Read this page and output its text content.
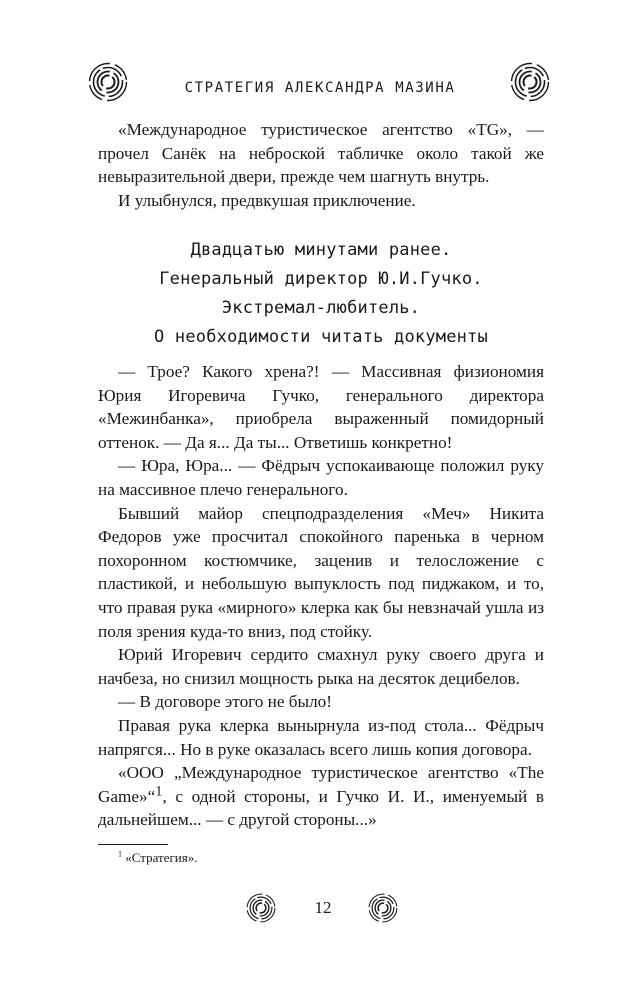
СТРАТЕГИЯ АЛЕКСАНДРА МАЗИНА

«Международное туристическое агентство «TG», — прочел Санёк на неброской табличке около такой же невыразительной двери, прежде чем шагнуть внутрь.

И улыбнулся, предвкушая приключение.

Двадцатью минутами ранее.
Генеральный директор Ю.И.Гучко.
Экстремал-любитель.
О необходимости читать документы

— Трое? Какого хрена?! — Массивная физиономия Юрия Игоревича Гучко, генерального директора «Межинбанка», приобрела выраженный помидорный оттенок. — Да я... Да ты... Ответишь конкретно!

— Юра, Юра... — Фёдрыч успокаивающе положил руку на массивное плечо генерального.

Бывший майор спецподразделения «Меч» Никита Федоров уже просчитал спокойного паренька в черном похоронном костюмчике, заценив и телосложение с пластикой, и небольшую выпуклость под пиджаком, и то, что правая рука «мирного» клерка как бы невзначай ушла из поля зрения куда-то вниз, под стойку.

Юрий Игоревич сердито смахнул руку своего друга и начбеза, но снизил мощность рыка на десяток децибелов.

— В договоре этого не было!

Правая рука клерка вынырнула из-под стола... Фёдрыч напрягся... Но в руке оказалась всего лишь копия договора.

«ООО „Международное туристическое агентство «The Game»“$^1$, с одной стороны, и Гучко И. И., именуемый в дальнейшем... — с другой стороны...»

$^1$ «Стратегия».
12
